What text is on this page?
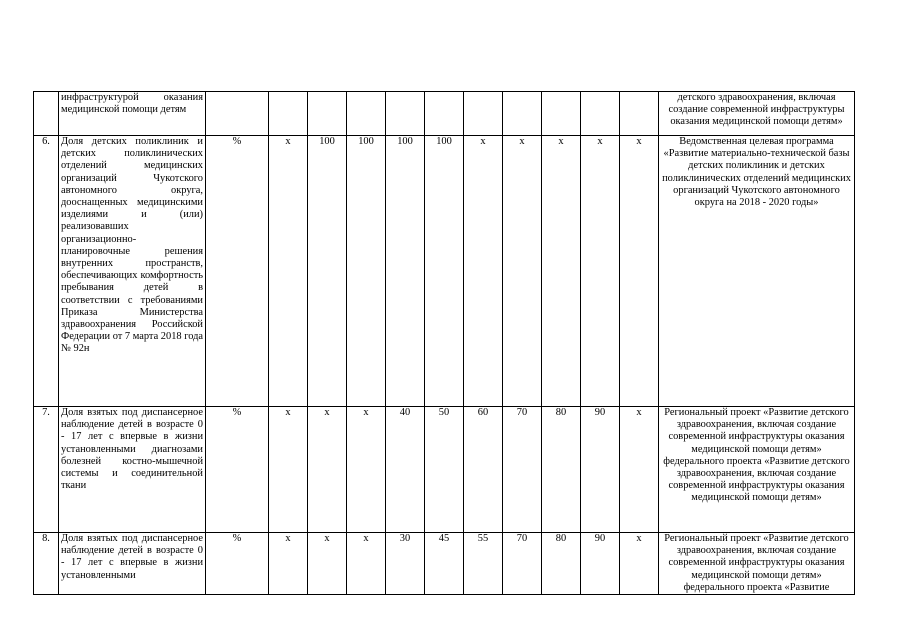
	инфраструктурой оказания медицинской помощи детям												детского здравоохранения, включая создание современной инфраструктуры оказания медицинской помощи детям»
6.	Доля детских поликлиник и детских поликлинических отделений медицинских организаций Чукотского автономного округа, дооснащенных медицинскими изделиями и (или) реализовавших организационно-планировочные решения внутренних пространств, обеспечивающих комфортность пребывания детей в соответствии с требованиями Приказа Министерства здравоохранения Российской Федерации от 7 марта 2018 года № 92н	%	x	100	100	100	100	x	x	x	x	x	Ведомственная целевая программа «Развитие материально-технической базы детских поликлиник и детских поликлинических отделений медицинских организаций Чукотского автономного округа на 2018 - 2020 годы»
7.	Доля взятых под диспансерное наблюдение детей в возрасте 0 - 17 лет с впервые в жизни установленными диагнозами болезней костно-мышечной системы и соединительной ткани	%	x	x	x	40	50	60	70	80	90	x	Региональный проект «Развитие детского здравоохранения, включая создание современной инфраструктуры оказания медицинской помощи детям» федерального проекта «Развитие детского здравоохранения, включая создание современной инфраструктуры оказания медицинской помощи детям»
8.	Доля взятых под диспансерное наблюдение детей в возрасте 0 - 17 лет с впервые в жизни установленными	%	x	x	x	30	45	55	70	80	90	x	Региональный проект «Развитие детского здравоохранения, включая создание современной инфраструктуры оказания медицинской помощи детям» федерального проекта «Развитие
